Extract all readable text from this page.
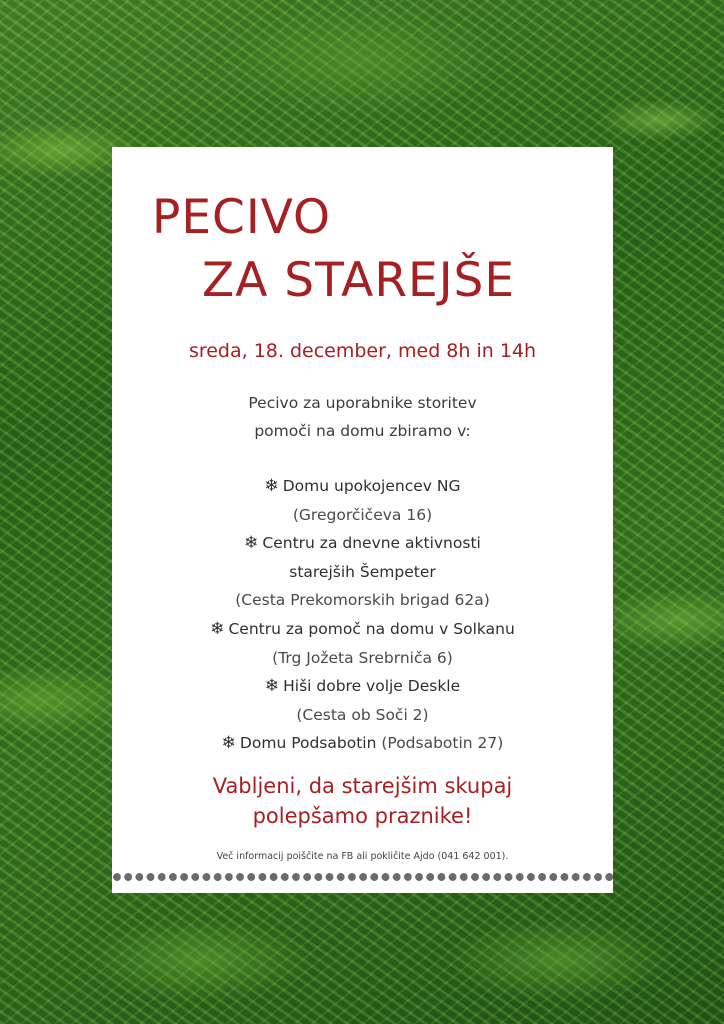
PECIVO
ZA STAREJŠE
sreda, 18. december, med 8h in 14h
Pecivo za uporabnike storitev
pomoči na domu zbiramo v:
❄ Domu upokojencev NG
(Gregorčičeva 16)
❄ Centru za dnevne aktivnosti
starejših Šempeter
(Cesta Prekomorskih brigad 62a)
❄ Centru za pomoč na domu v Solkanu
(Trg Jožeta Srebrniča 6)
❄ Hiši dobre volje Deskle
(Cesta ob Soči 2)
❄ Domu Podsabotin (Podsabotin 27)
Vabljeni, da starejšim skupaj
polepšamo praznike!
Več informacij poiščite na FB ali pokličite Ajdo (041 642 001).
